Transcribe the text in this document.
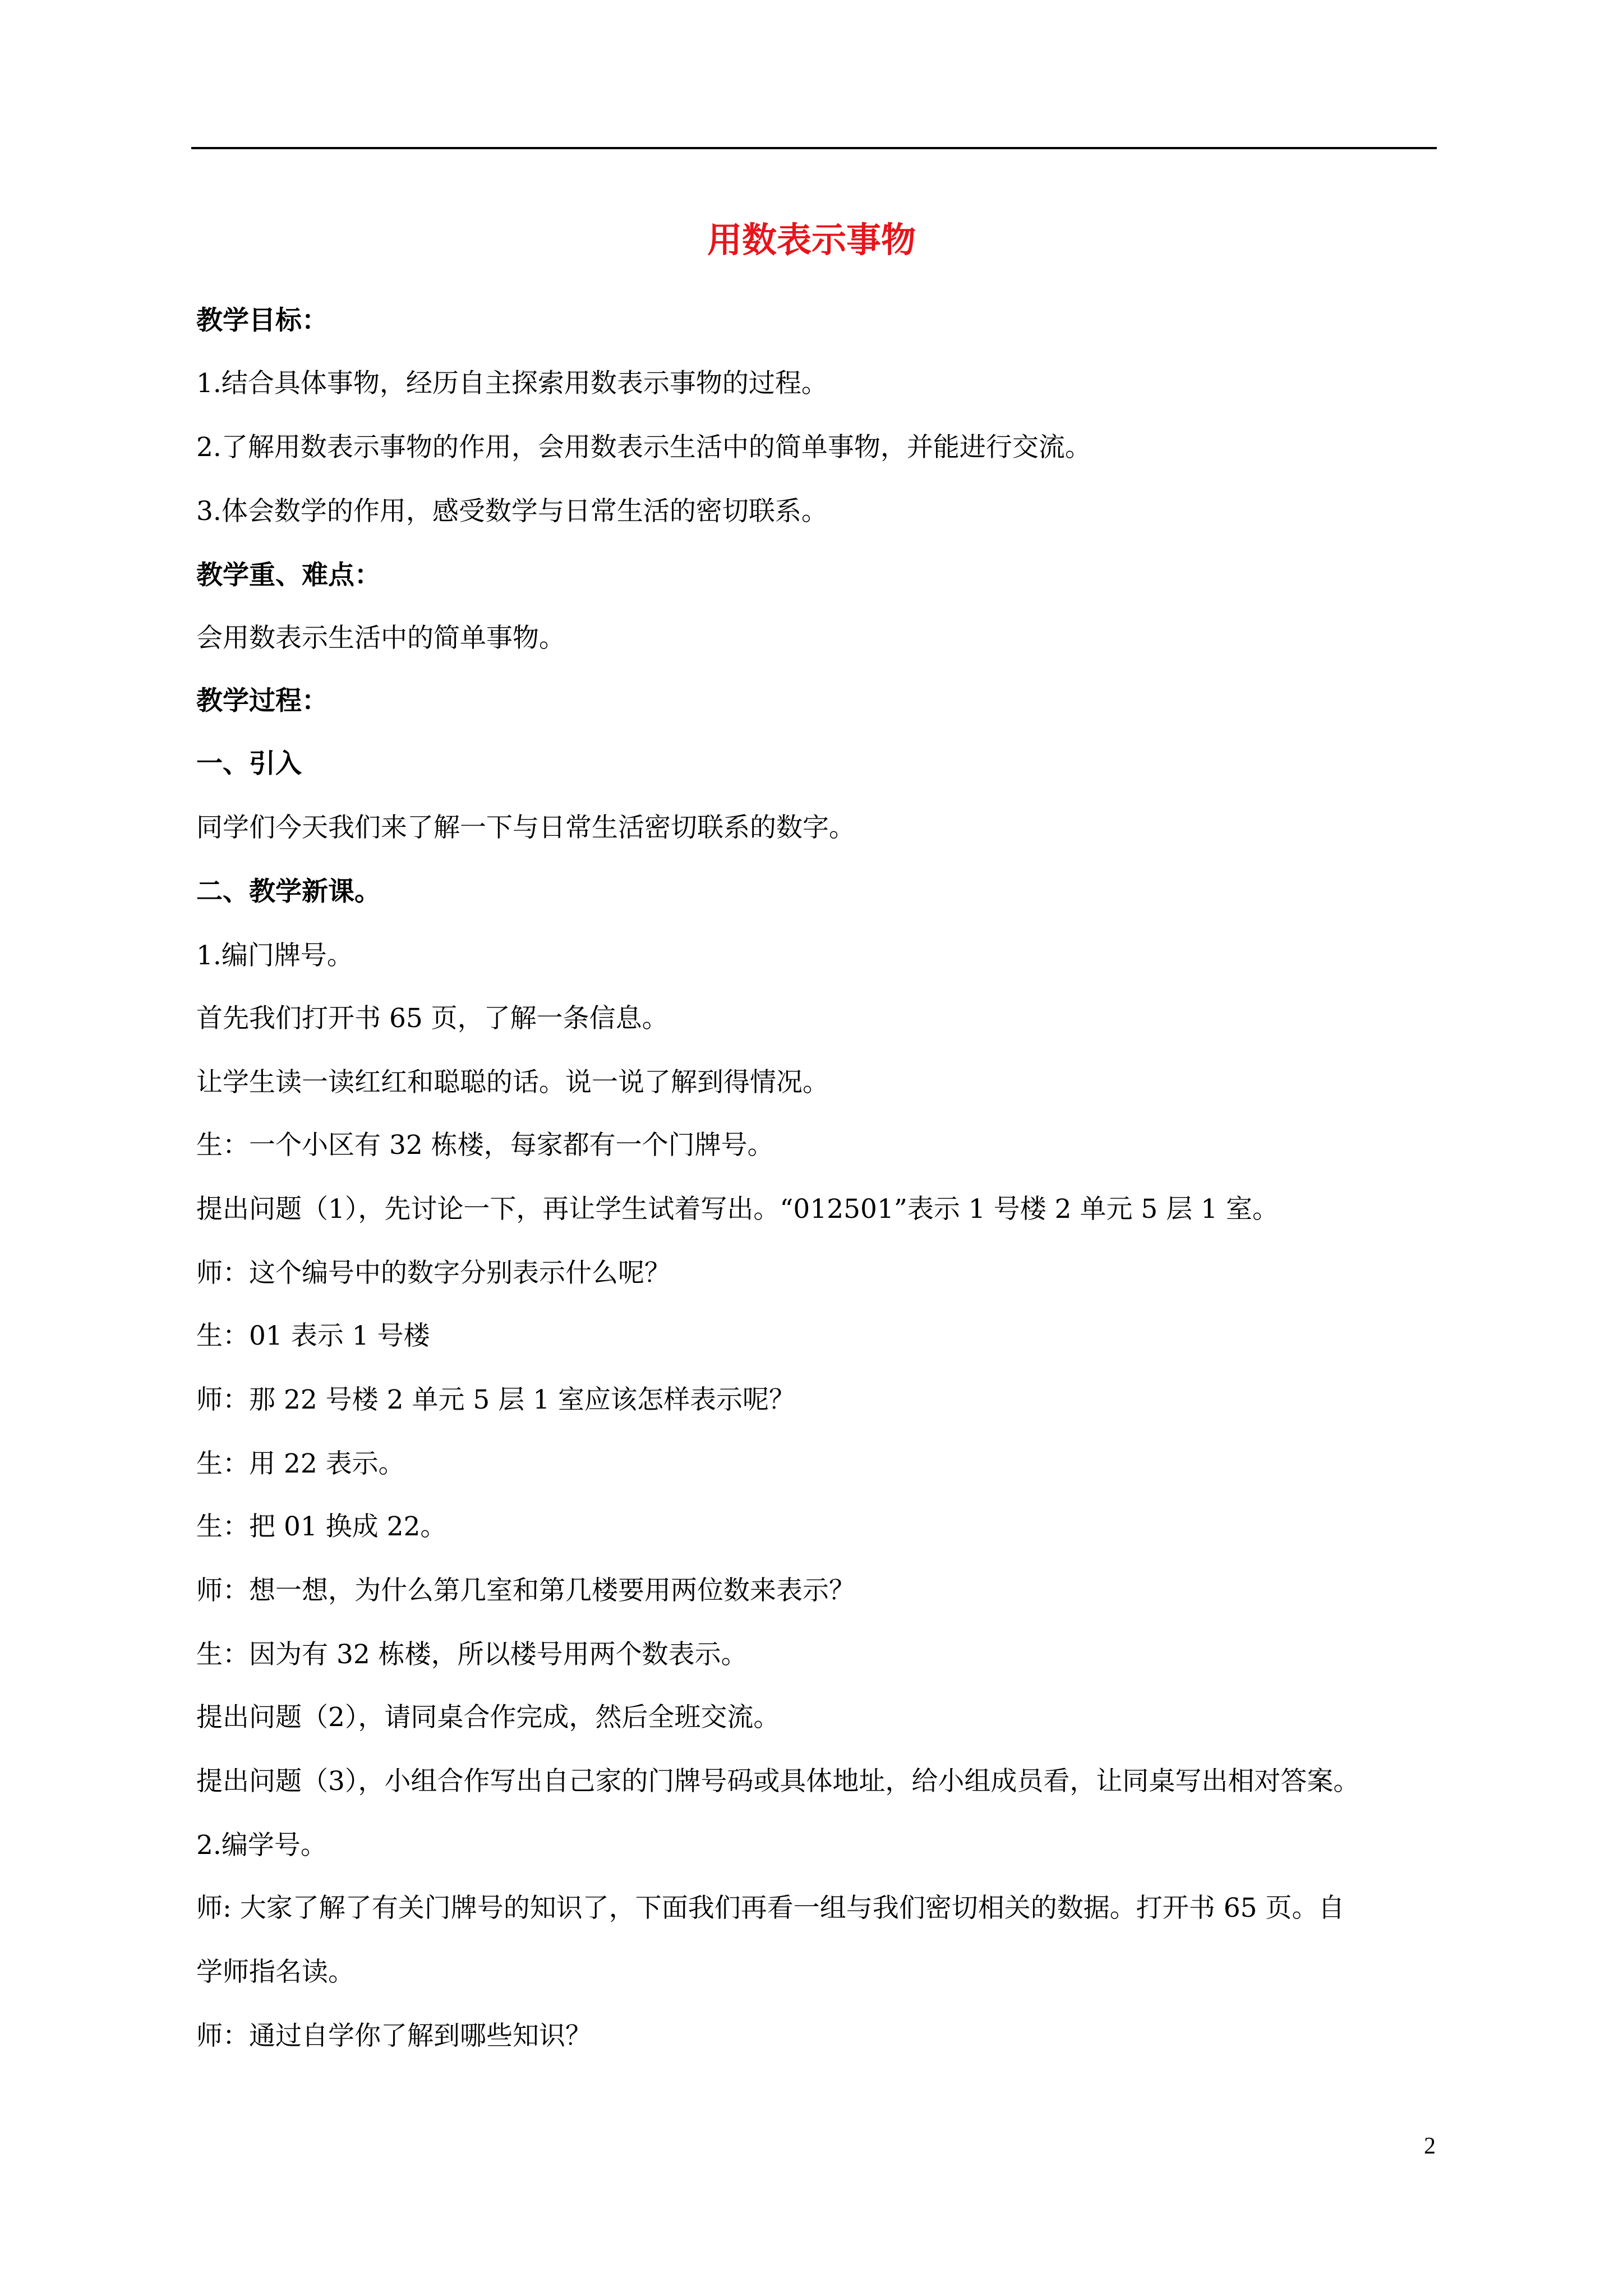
用数表示事物
教学目标：
1.结合具体事物，经历自主探索用数表示事物的过程。
2.了解用数表示事物的作用，会用数表示生活中的简单事物，并能进行交流。
3.体会数学的作用，感受数学与日常生活的密切联系。
教学重、难点：
会用数表示生活中的简单事物。
教学过程：
一、引入
同学们今天我们来了解一下与日常生活密切联系的数字。
二、教学新课。
1.编门牌号。
首先我们打开书 65 页，了解一条信息。
让学生读一读红红和聪聪的话。说一说了解到得情况。
生：一个小区有 32 栋楼，每家都有一个门牌号。
提出问题（1），先讨论一下，再让学生试着写出。“012501”表示 1 号楼 2 单元 5 层 1 室。
师：这个编号中的数字分别表示什么呢？
生：01 表示 1 号楼
师：那 22 号楼 2 单元 5 层 1 室应该怎样表示呢？
生：用 22 表示。
生：把 01 换成 22。
师：想一想，为什么第几室和第几楼要用两位数来表示？
生：因为有 32 栋楼，所以楼号用两个数表示。
提出问题（2），请同桌合作完成，然后全班交流。
提出问题（3），小组合作写出自己家的门牌号码或具体地址，给小组成员看，让同桌写出相对答案。
2.编学号。
师: 大家了解了有关门牌号的知识了，下面我们再看一组与我们密切相关的数据。打开书 65 页。自
学师指名读。
师：通过自学你了解到哪些知识？
2
